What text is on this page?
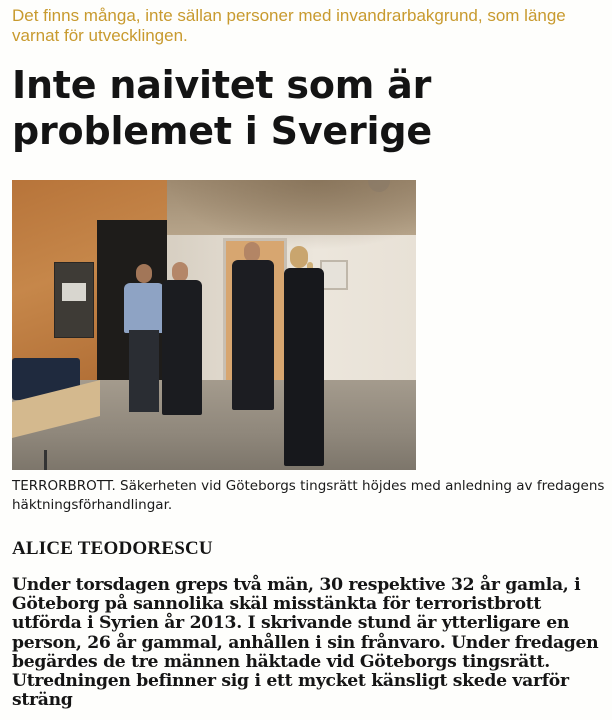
Det finns många, inte sällan personer med invandrarbakgrund, som länge varnat för utvecklingen.

Inte naivitet som är problemet i Sverige

TERRORBROTT. Säkerheten vid Göteborgs tingsrätt höjdes med anledning av fredagens häktningsförhandlingar.

ALICE TEODORESCU

Under torsdagen greps två män, 30 respektive 32 år gamla, i Göteborg på sannolika skäl misstänkta för terroristbrott utförda i Syrien år 2013. I skrivande stund är ytterligare en person, 26 år gammal, anhållen i sin frånvaro. Under fredagen begärdes de tre männen häktade vid Göteborgs tingsrätt. Utredningen befinner sig i ett mycket känsligt skede varför sträng
